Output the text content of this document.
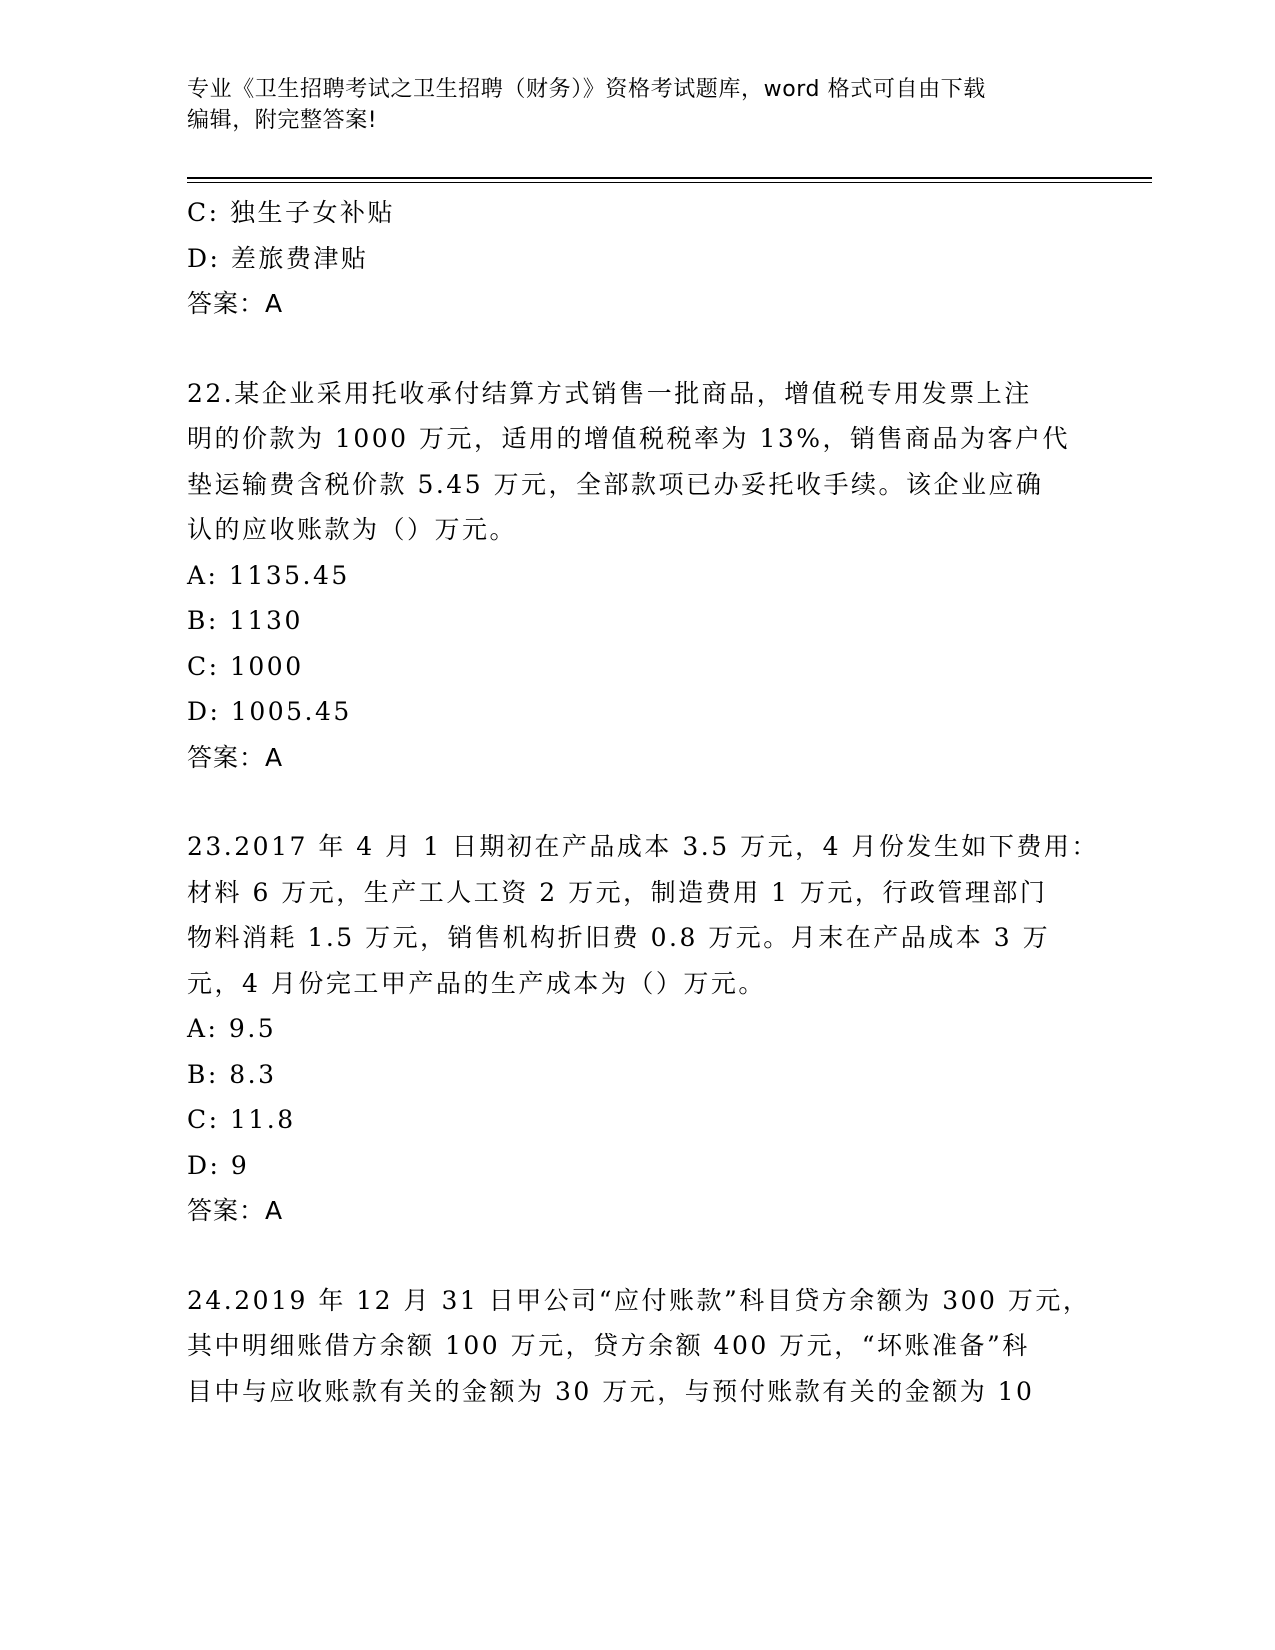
专业《卫生招聘考试之卫生招聘（财务）》资格考试题库，word 格式可自由下载
编辑，附完整答案!
C: 独生子女补贴
D: 差旅费津贴
答案：A
22.某企业采用托收承付结算方式销售一批商品，增值税专用发票上注
明的价款为 1000 万元，适用的增值税税率为 13%，销售商品为客户代
垫运输费含税价款 5.45 万元，全部款项已办妥托收手续。该企业应确
认的应收账款为（）万元。
A: 1135.45
B: 1130
C: 1000
D: 1005.45
答案：A
23.2017 年 4 月 1 日期初在产品成本 3.5 万元，4 月份发生如下费用：
材料 6 万元，生产工人工资 2 万元，制造费用 1 万元，行政管理部门
物料消耗 1.5 万元，销售机构折旧费 0.8 万元。月末在产品成本 3 万
元，4 月份完工甲产品的生产成本为（）万元。
A: 9.5
B: 8.3
C: 11.8
D: 9
答案：A
24.2019 年 12 月 31 日甲公司“应付账款”科目贷方余额为 300 万元，
其中明细账借方余额 100 万元，贷方余额 400 万元，“坏账准备”科
目中与应收账款有关的金额为 30 万元，与预付账款有关的金额为 10
